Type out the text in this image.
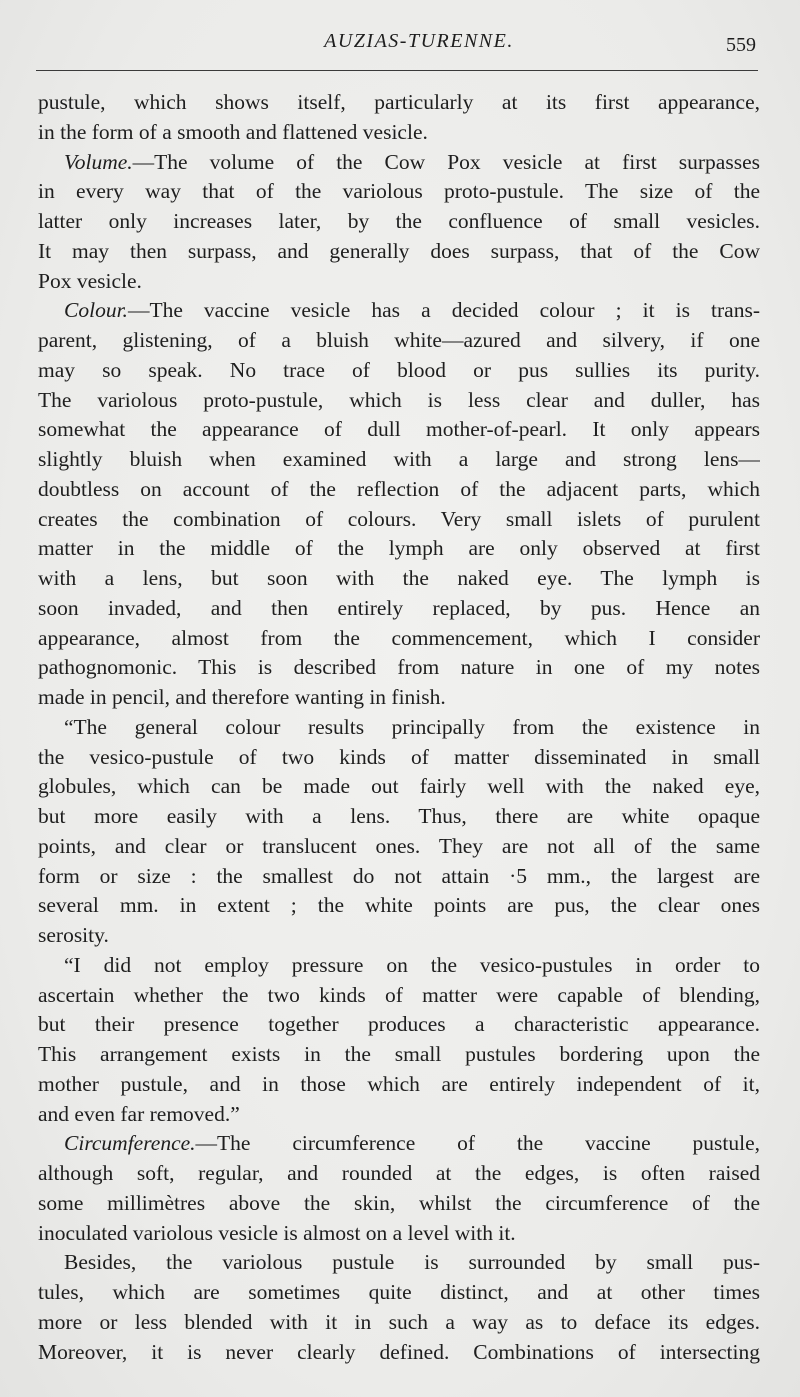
AUZIAS-TURENNE.	559
pustule, which shows itself, particularly at its first appearance,
in the form of a smooth and flattened vesicle.
Volume.—The volume of the Cow Pox vesicle at first surpasses
in every way that of the variolous proto-pustule. The size of the
latter only increases later, by the confluence of small vesicles.
It may then surpass, and generally does surpass, that of the Cow
Pox vesicle.
Colour.—The vaccine vesicle has a decided colour ; it is trans-
parent, glistening, of a bluish white—azured and silvery, if one
may so speak. No trace of blood or pus sullies its purity.
The variolous proto-pustule, which is less clear and duller, has
somewhat the appearance of dull mother-of-pearl. It only appears
slightly bluish when examined with a large and strong lens—
doubtless on account of the reflection of the adjacent parts, which
creates the combination of colours. Very small islets of purulent
matter in the middle of the lymph are only observed at first
with a lens, but soon with the naked eye. The lymph is
soon invaded, and then entirely replaced, by pus. Hence an
appearance, almost from the commencement, which I consider
pathognomonic. This is described from nature in one of my notes
made in pencil, and therefore wanting in finish.
“The general colour results principally from the existence in
the vesico-pustule of two kinds of matter disseminated in small
globules, which can be made out fairly well with the naked eye,
but more easily with a lens. Thus, there are white opaque
points, and clear or translucent ones. They are not all of the same
form or size : the smallest do not attain ·5 mm., the largest are
several mm. in extent ; the white points are pus, the clear ones
serosity.
“I did not employ pressure on the vesico-pustules in order to
ascertain whether the two kinds of matter were capable of blending,
but their presence together produces a characteristic appearance.
This arrangement exists in the small pustules bordering upon the
mother pustule, and in those which are entirely independent of it,
and even far removed.”
Circumference.—The circumference of the vaccine pustule,
although soft, regular, and rounded at the edges, is often raised
some millimètres above the skin, whilst the circumference of the
inoculated variolous vesicle is almost on a level with it.
Besides, the variolous pustule is surrounded by small pus-
tules, which are sometimes quite distinct, and at other times
more or less blended with it in such a way as to deface its edges.
Moreover, it is never clearly defined. Combinations of intersecting
